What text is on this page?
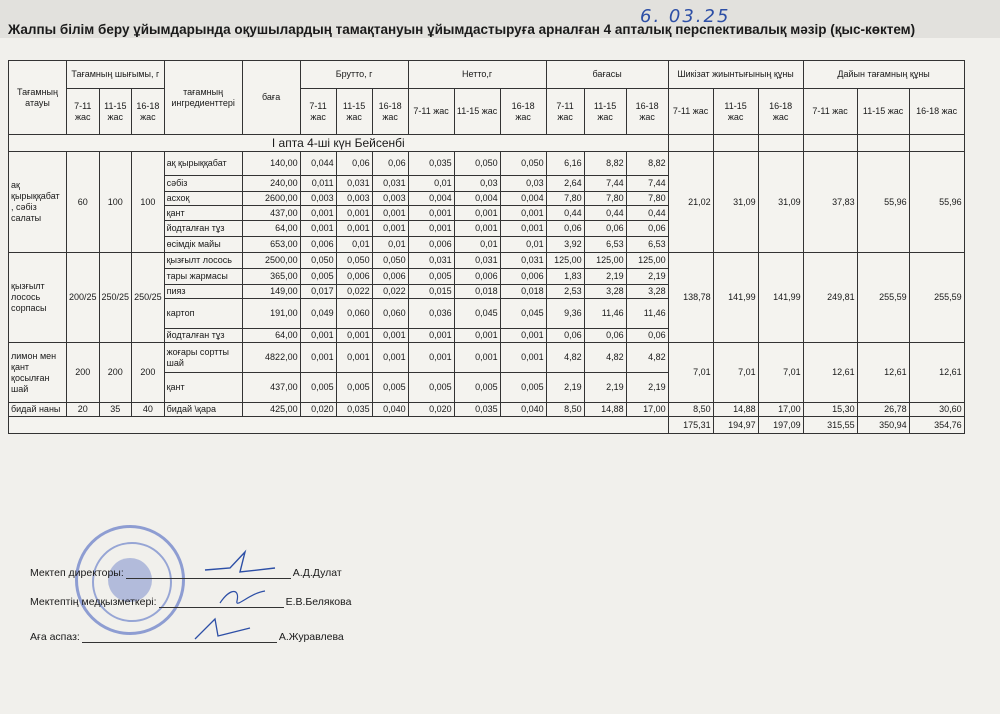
6. 03.25
Жалпы білім беру ұйымдарында оқушылардың тамақтануын ұйымдастыруға арналған 4 апталық перспективалық мәзір (қыс-көктем)
Тағамның атауы	Тағамның шығымы, г			тағамның ингредиенттері	баға	Брутто, г			Нетто,г			бағасы			Шикізат жиынтығының құны			Дайын тағамның құны		
	7-11 жас	11-15 жас	16-18 жас			7-11 жас	11-15 жас	16-18 жас	7-11 жас	11-15 жас	16-18 жас	7-11 жас	11-15 жас	16-18 жас	7-11 жас	11-15 жас	16-18 жас	7-11 жас	11-15 жас	16-18 жас
І апта 4-ші күн Бейсенбі																				
ақ қырыққабат , сәбіз салаты	60	100	100	ақ қырыққабат	140,00	0,044	0,06	0,06	0,035	0,050	0,050	6,16	8,82	8,82	21,02	31,09	31,09	37,83	55,96	55,96
				сәбіз	240,00	0,011	0,031	0,031	0,01	0,03	0,03	2,64	7,44	7,44						
				асхоқ	2600,00	0,003	0,003	0,003	0,004	0,004	0,004	7,80	7,80	7,80						
				қант	437,00	0,001	0,001	0,001	0,001	0,001	0,001	0,44	0,44	0,44						
				йодталған тұз	64,00	0,001	0,001	0,001	0,001	0,001	0,001	0,06	0,06	0,06						
				өсімдік майы	653,00	0,006	0,01	0,01	0,006	0,01	0,01	3,92	6,53	6,53						
қызғылт лосось сорпасы	200/25	250/25	250/25	қызғылт лосось	2500,00	0,050	0,050	0,050	0,031	0,031	0,031	125,00	125,00	125,00	138,78	141,99	141,99	249,81	255,59	255,59
				тары жармасы	365,00	0,005	0,006	0,006	0,005	0,006	0,006	1,83	2,19	2,19						
				пияз	149,00	0,017	0,022	0,022	0,015	0,018	0,018	2,53	3,28	3,28						
				картоп	191,00	0,049	0,060	0,060	0,036	0,045	0,045	9,36	11,46	11,46						
				йодталған тұз	64,00	0,001	0,001	0,001	0,001	0,001	0,001	0,06	0,06	0,06						
лимон мен қант қосылған шай	200	200	200	жоғары сортты шай	4822,00	0,001	0,001	0,001	0,001	0,001	0,001	4,82	4,82	4,82	7,01	7,01	7,01	12,61	12,61	12,61
				қант	437,00	0,005	0,005	0,005	0,005	0,005	0,005	2,19	2,19	2,19						
бидай наны	20	35	40	бидай \қара	425,00	0,020	0,035	0,040	0,020	0,035	0,040	8,50	14,88	17,00	8,50	14,88	17,00	15,30	26,78	30,60
															175,31	194,97	197,09	315,55	350,94	354,76
Мектеп директоры:	А.Д.Дулат
Мектептің медқызметкері:	Е.В.Белякова
Аға аспаз:	А.Журавлева
